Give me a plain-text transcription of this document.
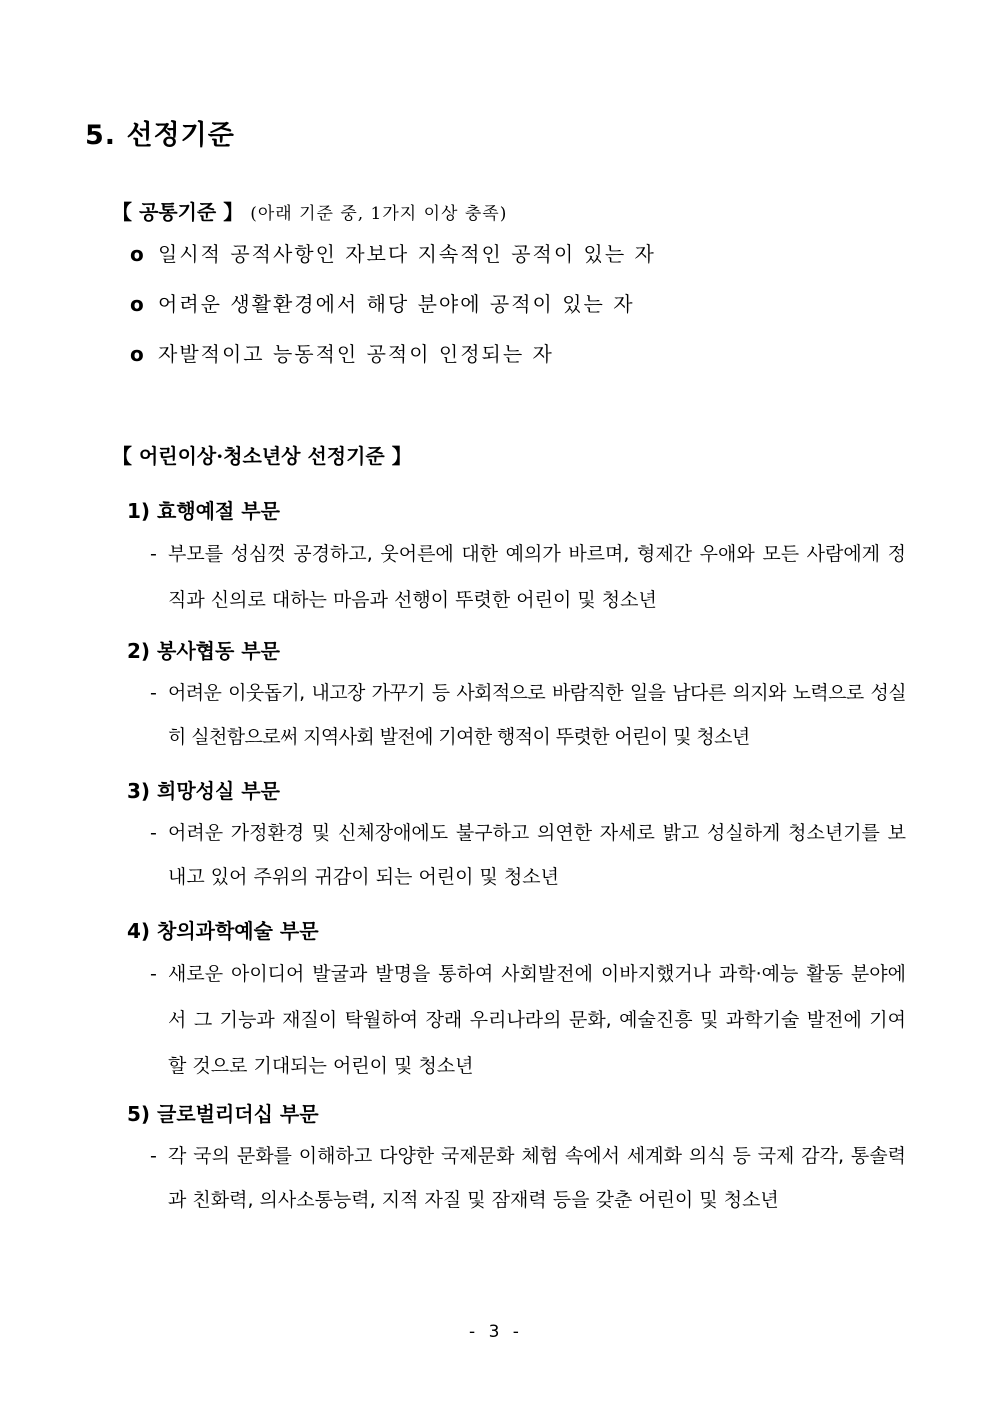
5. 선정기준
【 공통기준 】 (아래 기준 중, 1가지 이상 충족)
o 일시적 공적사항인 자보다 지속적인 공적이 있는 자
o 어려운 생활환경에서 해당 분야에 공적이 있는 자
o 자발적이고 능동적인 공적이 인정되는 자
【 어린이상·청소년상 선정기준 】
1) 효행예절 부문
- 부모를 성심껏 공경하고, 웃어른에 대한 예의가 바르며, 형제간 우애와 모든 사람에게 정직과 신의로 대하는 마음과 선행이 뚜렷한 어린이 및 청소년
2) 봉사협동 부문
- 어려운 이웃돕기, 내고장 가꾸기 등 사회적으로 바람직한 일을 남다른 의지와 노력으로 성실히 실천함으로써 지역사회 발전에 기여한 행적이 뚜렷한 어린이 및 청소년
3) 희망성실 부문
- 어려운 가정환경 및 신체장애에도 불구하고 의연한 자세로 밝고 성실하게 청소년기를 보내고 있어 주위의 귀감이 되는 어린이 및 청소년
4) 창의과학예술 부문
- 새로운 아이디어 발굴과 발명을 통하여 사회발전에 이바지했거나 과학·예능 활동 분야에서 그 기능과 재질이 탁월하여 장래 우리나라의 문화, 예술진흥 및 과학기술 발전에 기여할 것으로 기대되는 어린이 및 청소년
5) 글로벌리더십 부문
- 각 국의 문화를 이해하고 다양한 국제문화 체험 속에서 세계화 의식 등 국제 감각, 통솔력과 친화력, 의사소통능력, 지적 자질 및 잠재력 등을 갖춘 어린이 및 청소년
- 3 -
